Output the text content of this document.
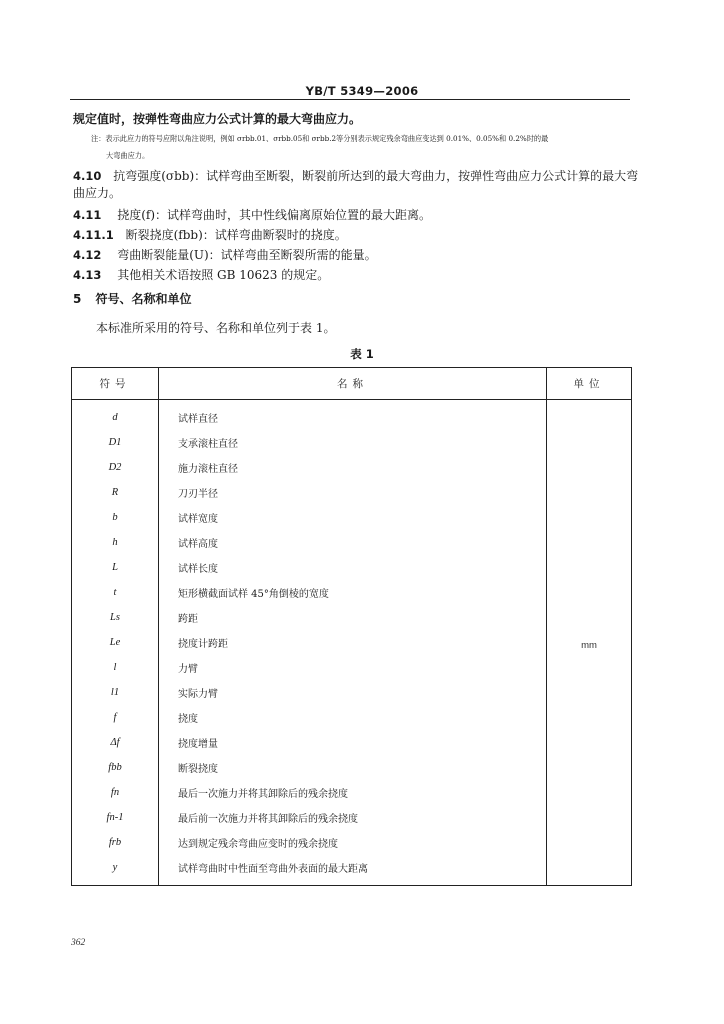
YB/T 5349—2006
规定值时，按弹性弯曲应力公式计算的最大弯曲应力。
注：表示此应力的符号应附以角注说明，例如 σrbb.01、σrbb.05和 σrbb.2等分别表示规定残余弯曲应变达到 0.01%、0.05%和 0.2%时的最
大弯曲应力。
4.10 抗弯强度(σbb)：试样弯曲至断裂，断裂前所达到的最大弯曲力，按弹性弯曲应力公式计算的最大弯
曲应力。
4.11 挠度(f)：试样弯曲时，其中性线偏离原始位置的最大距离。
4.11.1 断裂挠度(fbb)：试样弯曲断裂时的挠度。
4.12 弯曲断裂能量(U)：试样弯曲至断裂所需的能量。
4.13 其他相关术语按照 GB 10623 的规定。
5 符号、名称和单位
本标准所采用的符号、名称和单位列于表 1。
表 1
符号	名称	单位
d	试样直径	mm
D1	支承滚柱直径	
D2	施力滚柱直径	
R	刀刃半径	
b	试样宽度	
h	试样高度	
L	试样长度	
t	矩形横截面试样 45°角倒棱的宽度	
Ls	跨距	
Le	挠度计跨距	
l	力臂	
l1	实际力臂	
f	挠度	
Δf	挠度增量	
fbb	断裂挠度	
fn	最后一次施力并将其卸除后的残余挠度	
fn-1	最后前一次施力并将其卸除后的残余挠度	
frb	达到规定残余弯曲应变时的残余挠度	
y	试样弯曲时中性面至弯曲外表面的最大距离	
362
